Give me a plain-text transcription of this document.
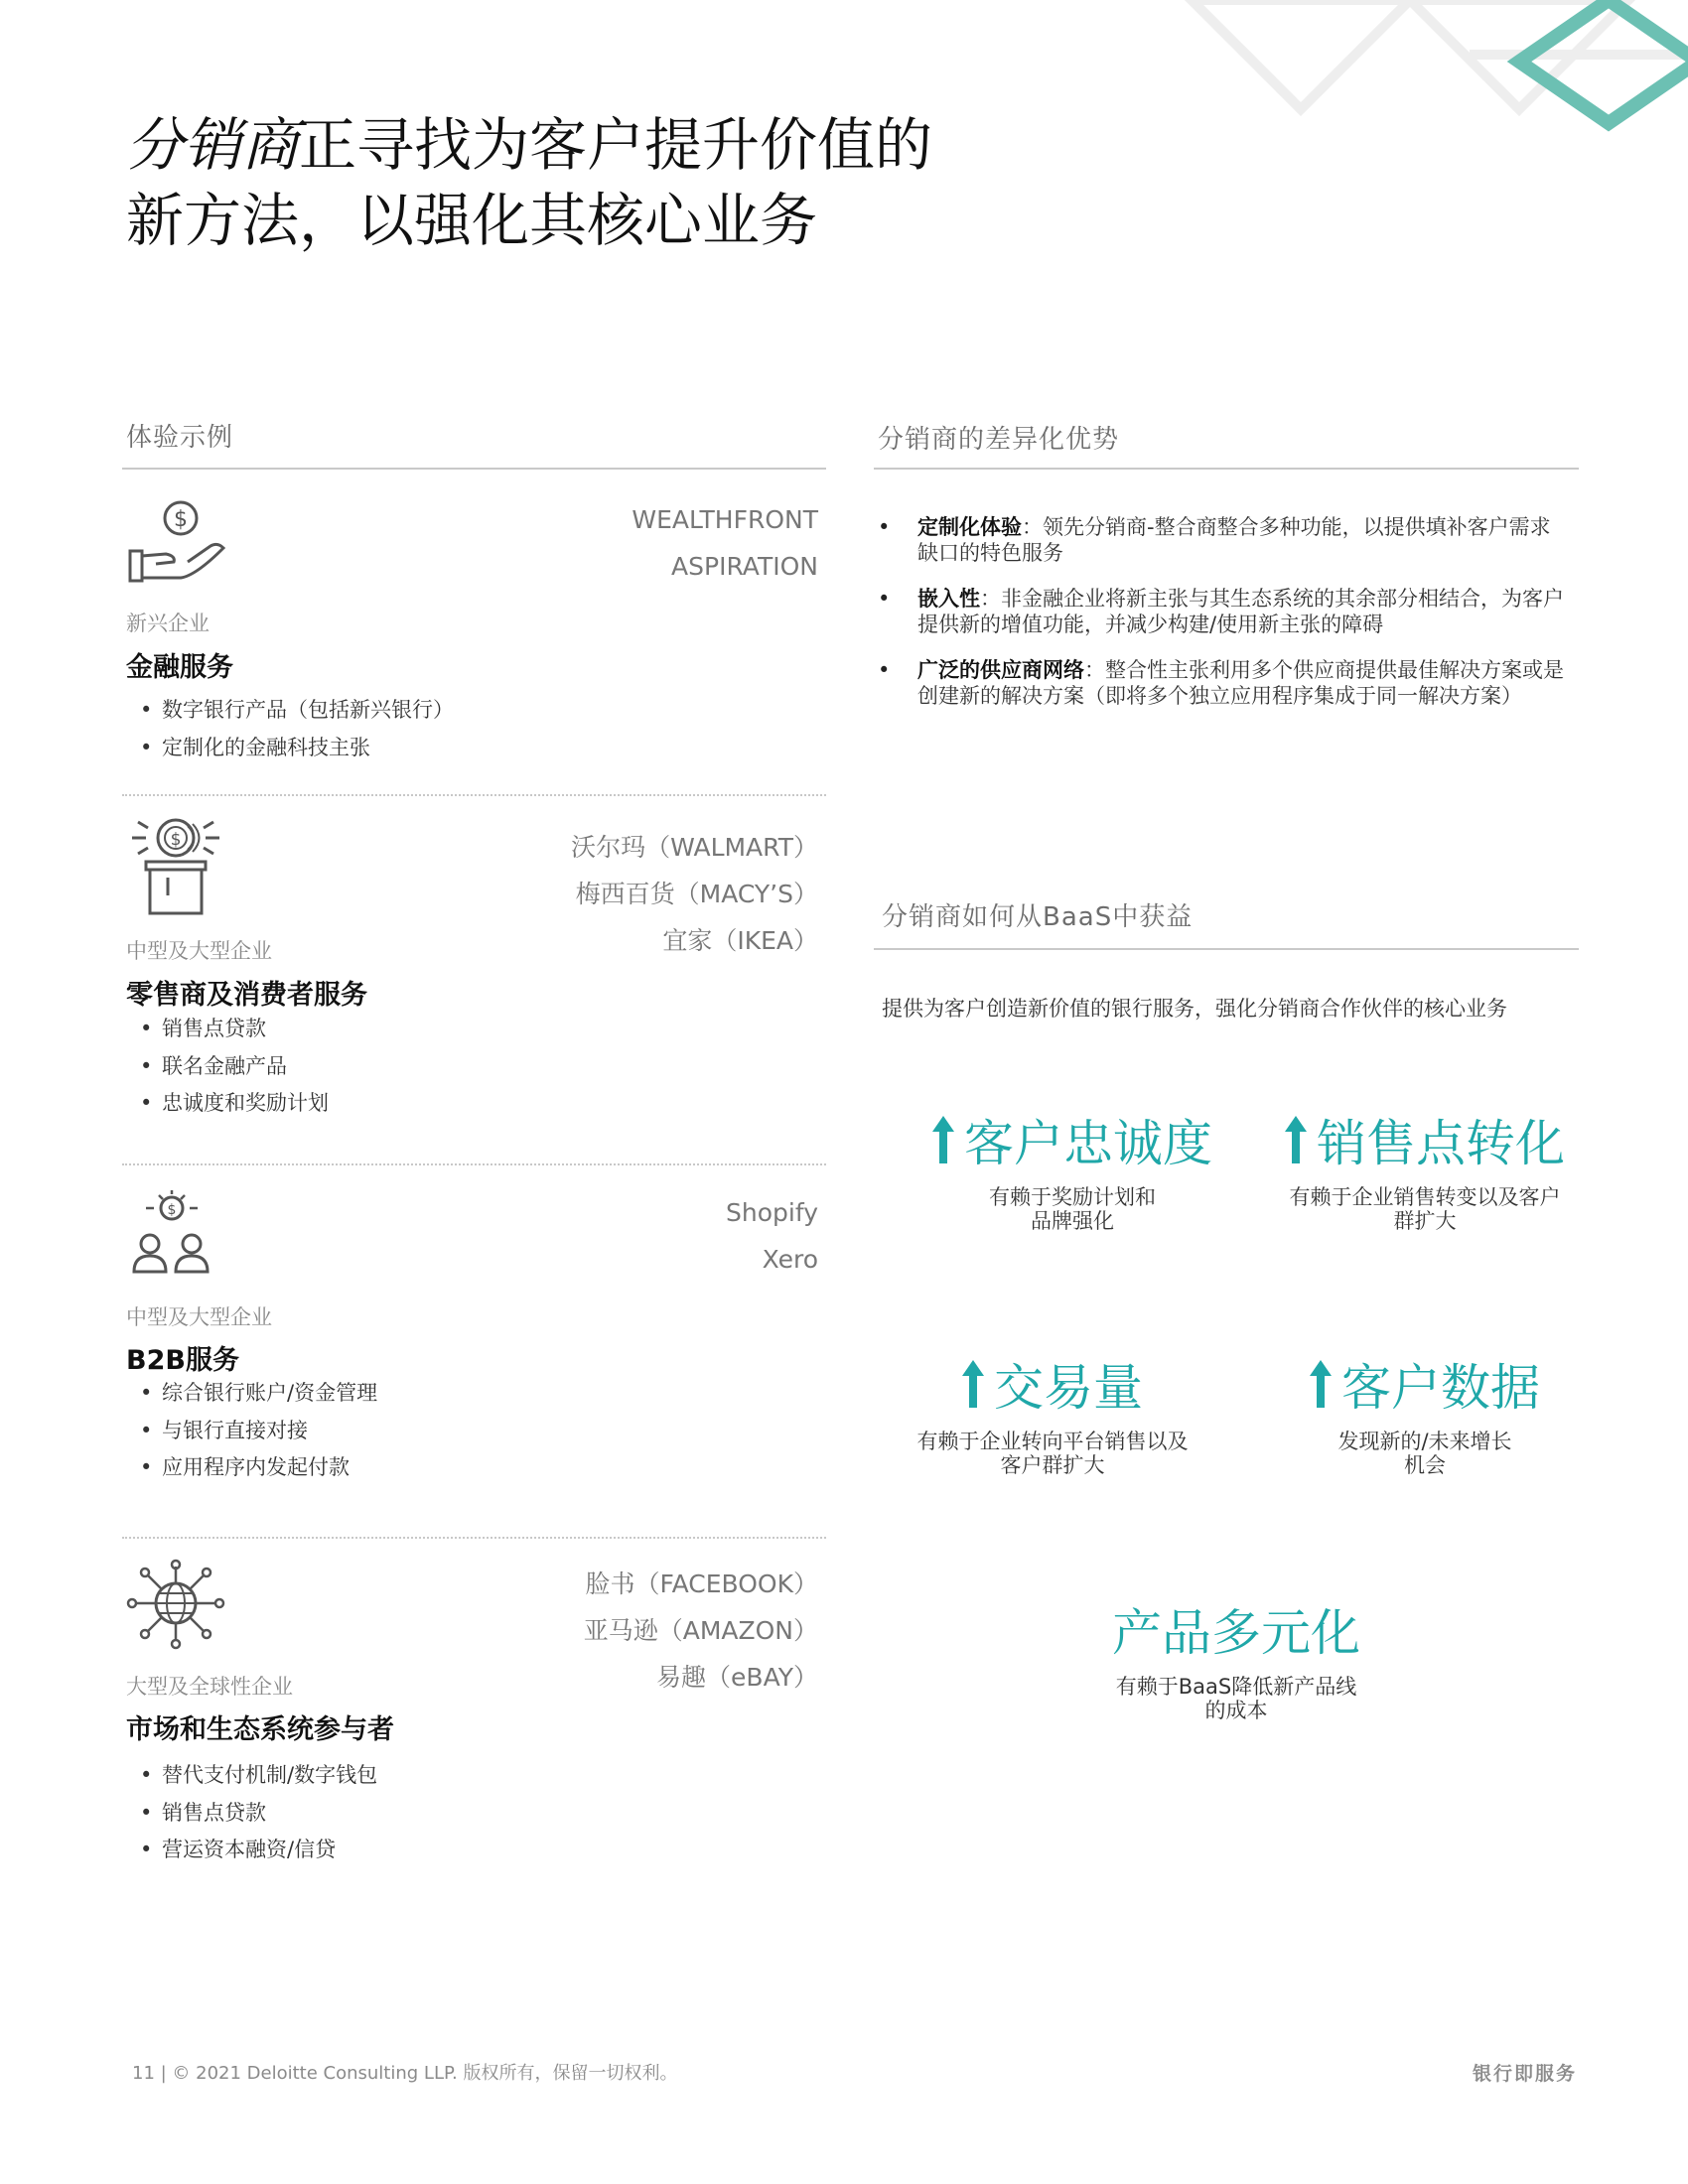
分销商正寻找为客户提升价值的
新方法，以强化其核心业务
体验示例
$	WEALTHFRONT
ASPIRATION
新兴企业
金融服务
• 数字银行产品（包括新兴银行）
• 定制化的金融科技主张
$	沃尔玛（WALMART）
梅西百货（MACY’S）
宜家（IKEA）
中型及大型企业
零售商及消费者服务
• 销售点贷款
• 联名金融产品
• 忠诚度和奖励计划
$	Shopify
Xero
中型及大型企业
B2B服务
• 综合银行账户/资金管理
• 与银行直接对接
• 应用程序内发起付款
脸书（FACEBOOK）
亚马逊（AMAZON）
易趣（eBAY）
大型及全球性企业
市场和生态系统参与者
• 替代支付机制/数字钱包
• 销售点贷款
• 营运资本融资/信贷
分销商的差异化优势
• 定制化体验：领先分销商-整合商整合多种功能，以提供填补客户需求缺口的特色服务
• 嵌入性：非金融企业将新主张与其生态系统的其余部分相结合，为客户提供新的增值功能，并减少构建/使用新主张的障碍
• 广泛的供应商网络：整合性主张利用多个供应商提供最佳解决方案或是创建新的解决方案（即将多个独立应用程序集成于同一解决方案）
分销商如何从BaaS中获益
提供为客户创造新价值的银行服务，强化分销商合作伙伴的核心业务
客户忠诚度
有赖于奖励计划和
品牌强化
销售点转化
有赖于企业销售转变以及客户
群扩大
交易量
有赖于企业转向平台销售以及
客户群扩大
客户数据
发现新的/未来增长
机会
产品多元化
有赖于BaaS降低新产品线
的成本
11 | © 2021 Deloitte Consulting LLP. 版权所有，保留一切权利。	银行即服务
